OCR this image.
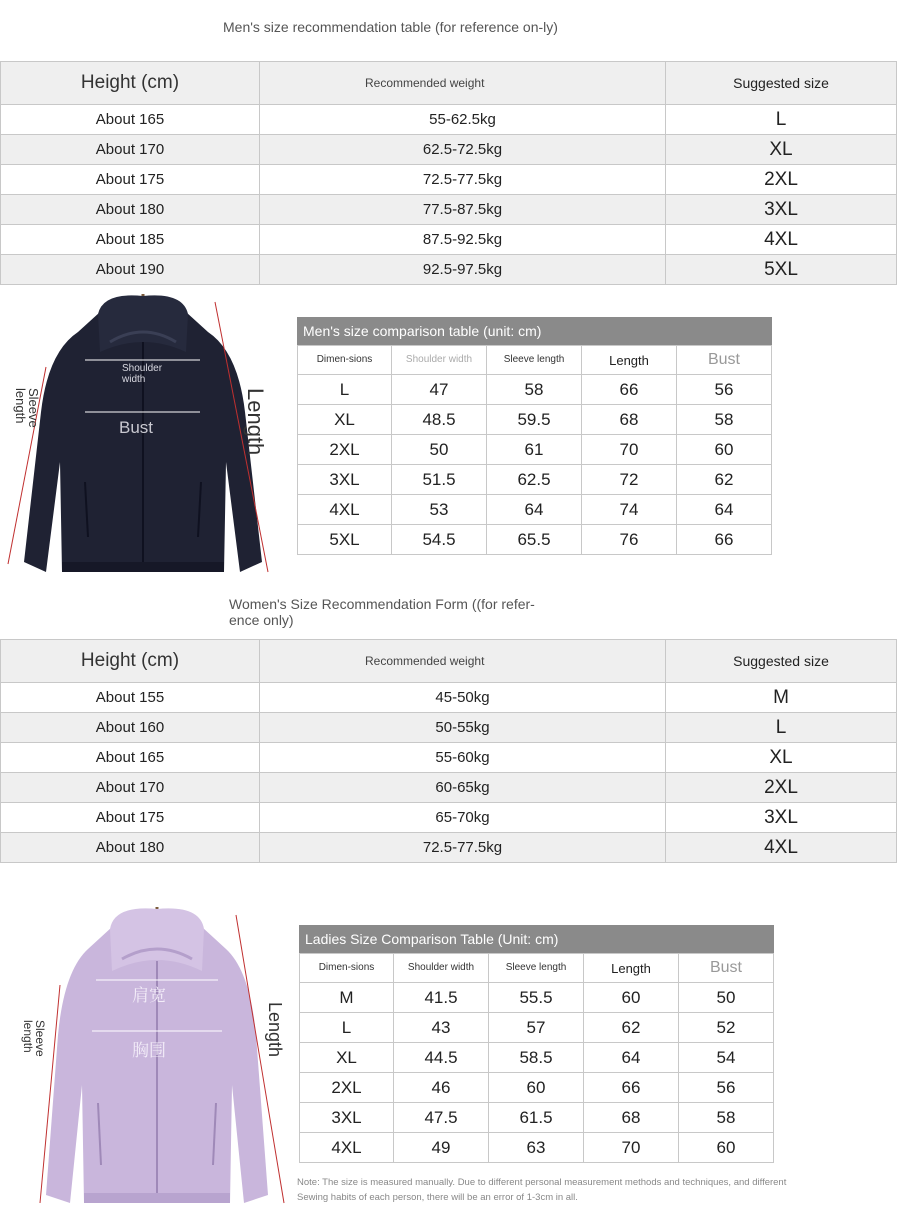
Men's size recommendation table (for reference on-ly)
Height (cm)	Recommended weight	Suggested size
About 165	55-62.5kg	L
About 170	62.5-72.5kg	XL
About 175	72.5-77.5kg	2XL
About 180	77.5-87.5kg	3XL
About 185	87.5-92.5kg	4XL
About 190	92.5-97.5kg	5XL
Shoulder width
Bust	Length
Sleeve length
Men's size comparison table (unit: cm)
Dimen-sions	Shoulder width	Sleeve length	Length	Bust
L	47	58	66	56
XL	48.5	59.5	68	58
2XL	50	61	70	60
3XL	51.5	62.5	72	62
4XL	53	64	74	64
5XL	54.5	65.5	76	66
Women's Size Recommendation Form ((for refer-ence only)
Height (cm)	Recommended weight	Suggested size
About 155	45-50kg	M
About 160	50-55kg	L
About 165	55-60kg	XL
About 170	60-65kg	2XL
About 175	65-70kg	3XL
About 180	72.5-77.5kg	4XL
肩宽
胸围	Length
Sleeve length
Ladies Size Comparison Table (Unit: cm)
Dimen-sions	Shoulder width	Sleeve length	Length	Bust
M	41.5	55.5	60	50
L	43	57	62	52
XL	44.5	58.5	64	54
2XL	46	60	66	56
3XL	47.5	61.5	68	58
4XL	49	63	70	60
Note: The size is measured manually. Due to different personal measurement methods and techniques, and different Sewing habits of each person, there will be an error of 1-3cm in all.
